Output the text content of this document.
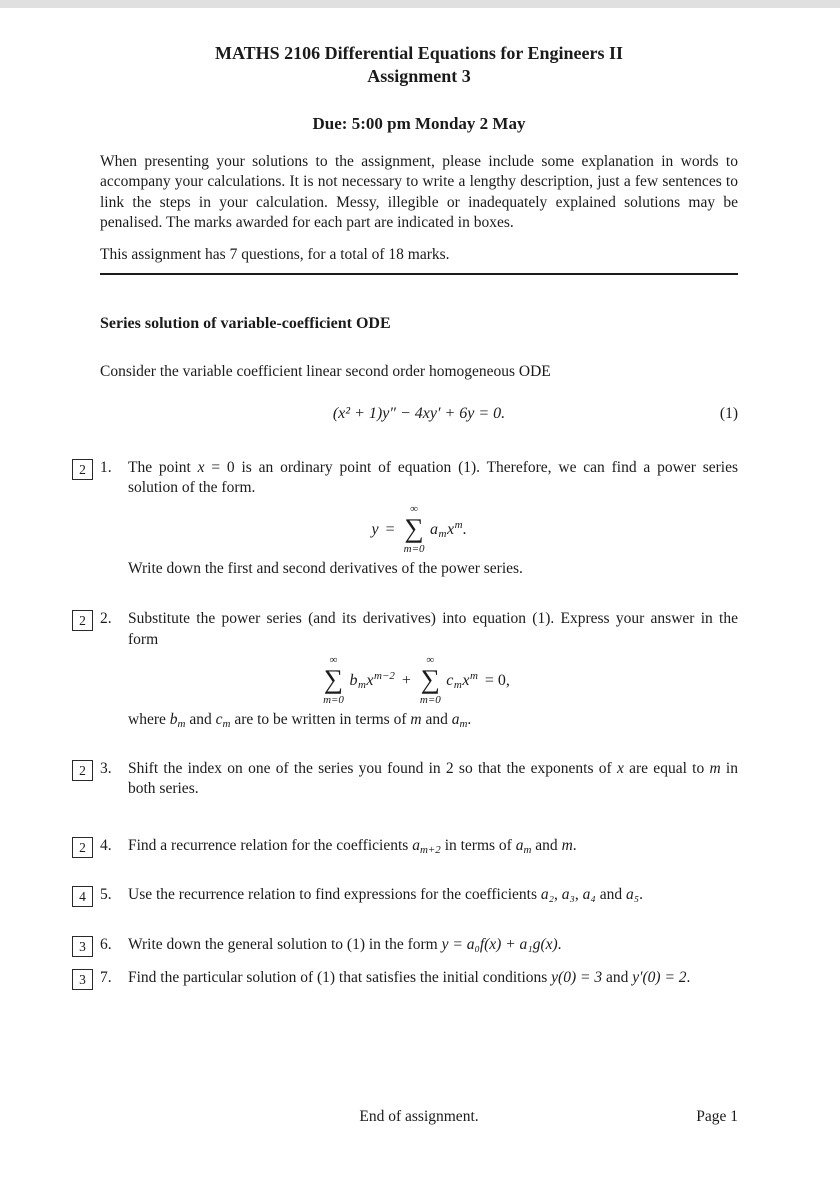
MATHS 2106 Differential Equations for Engineers II
Assignment 3
Due: 5:00 pm Monday 2 May

When presenting your solutions to the assignment, please include some explanation in words to accompany your calculations. It is not necessary to write a lengthy description, just a few sentences to link the steps in your calculation. Messy, illegible or inadequately explained solutions may be penalised. The marks awarded for each part are indicated in boxes.

This assignment has 7 questions, for a total of 18 marks.

Series solution of variable-coefficient ODE

Consider the variable coefficient linear second order homogeneous ODE

(x² + 1)y″ − 4xy′ + 6y = 0.	(1)
2 1. The point x = 0 is an ordinary point of equation (1). Therefore, we can find a power series solution of the form.

y =
∞
∑
m=0
$a_mx^m$.

Write down the first and second derivatives of the power series.

2 2. Substitute the power series (and its derivatives) into equation (1). Express your answer in the form

∞
∑
m=0
$b_mx^{m-2}$ +
∞
∑
m=0
$c_mx^m = 0$,

where $b_m$ and $c_m$ are to be written in terms of m and $a_m$.

2 3. Shift the index on one of the series you found in 2 so that the exponents of x are equal to m in both series.

2 4. Find a recurrence relation for the coefficients $a_{m+2}$ in terms of $a_m$ and m.

4 5. Use the recurrence relation to find expressions for the coefficients a₂, a₃, a₄ and a₅.

3 6. Write down the general solution to (1) in the form y = a₀f(x) + a₁g(x).

3 7. Find the particular solution of (1) that satisfies the initial conditions y(0) = 3 and y′(0) = 2.

End of assignment.	Page 1
